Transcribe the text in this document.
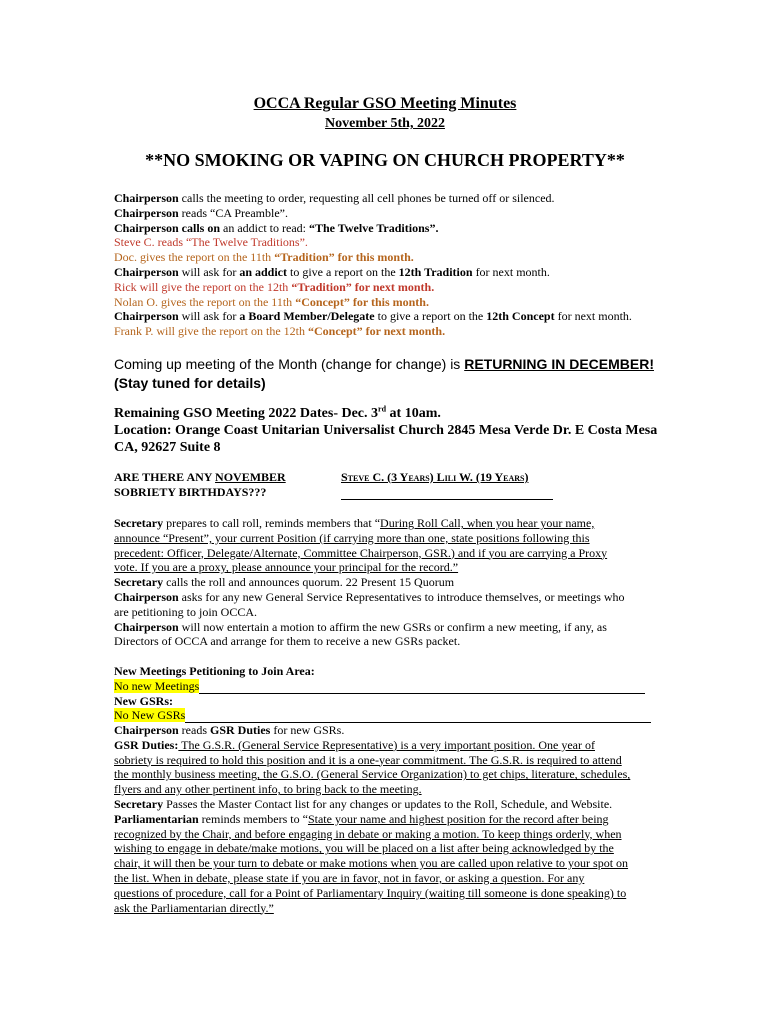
OCCA Regular GSO Meeting Minutes
November 5th, 2022
**NO SMOKING OR VAPING ON CHURCH PROPERTY**
Chairperson calls the meeting to order, requesting all cell phones be turned off or silenced.
Chairperson reads “CA Preamble”.
Chairperson calls on an addict to read: “The Twelve Traditions”.
Steve C. reads “The Twelve Traditions”.
Doc. gives the report on the 11th “Tradition” for this month.
Chairperson will ask for an addict to give a report on the 12th Tradition for next month.
Rick will give the report on the 12th “Tradition” for next month.
Nolan O. gives the report on the 11th “Concept” for this month.
Chairperson will ask for a Board Member/Delegate to give a report on the 12th Concept for next month.
Frank P. will give the report on the 12th “Concept” for next month.
Coming up meeting of the Month (change for change) is RETURNING IN DECEMBER!
(Stay tuned for details)
Remaining GSO Meeting 2022 Dates- Dec. 3rd at 10am.
Location: Orange Coast Unitarian Universalist Church 2845 Mesa Verde Dr. E Costa Mesa
CA, 92627 Suite 8
ARE THERE ANY NOVEMBER
SOBRIETY BIRTHDAYS???
Steve C. (3 Years) Lili W. (19 Years)
Secretary prepares to call roll, reminds members that “During Roll Call, when you hear your name,
announce “Present”, your current Position (if carrying more than one, state positions following this
precedent: Officer, Delegate/Alternate, Committee Chairperson, GSR.) and if you are carrying a Proxy
vote. If you are a proxy, please announce your principal for the record.”
Secretary calls the roll and announces quorum. 22 Present 15 Quorum
Chairperson asks for any new General Service Representatives to introduce themselves, or meetings who
are petitioning to join OCCA.
Chairperson will now entertain a motion to affirm the new GSRs or confirm a new meeting, if any, as
Directors of OCCA and arrange for them to receive a new GSRs packet.
New Meetings Petitioning to Join Area:
No new Meetings
New GSRs:
No New GSRs
Chairperson reads GSR Duties for new GSRs.
GSR Duties: The G.S.R. (General Service Representative) is a very important position. One year of
sobriety is required to hold this position and it is a one-year commitment. The G.S.R. is required to attend
the monthly business meeting, the G.S.O. (General Service Organization) to get chips, literature, schedules,
flyers and any other pertinent info, to bring back to the meeting.
Secretary Passes the Master Contact list for any changes or updates to the Roll, Schedule, and Website.
Parliamentarian reminds members to “State your name and highest position for the record after being
recognized by the Chair, and before engaging in debate or making a motion. To keep things orderly, when
wishing to engage in debate/make motions, you will be placed on a list after being acknowledged by the
chair, it will then be your turn to debate or make motions when you are called upon relative to your spot on
the list. When in debate, please state if you are in favor, not in favor, or asking a question. For any
questions of procedure, call for a Point of Parliamentary Inquiry (waiting till someone is done speaking) to
ask the Parliamentarian directly.”
